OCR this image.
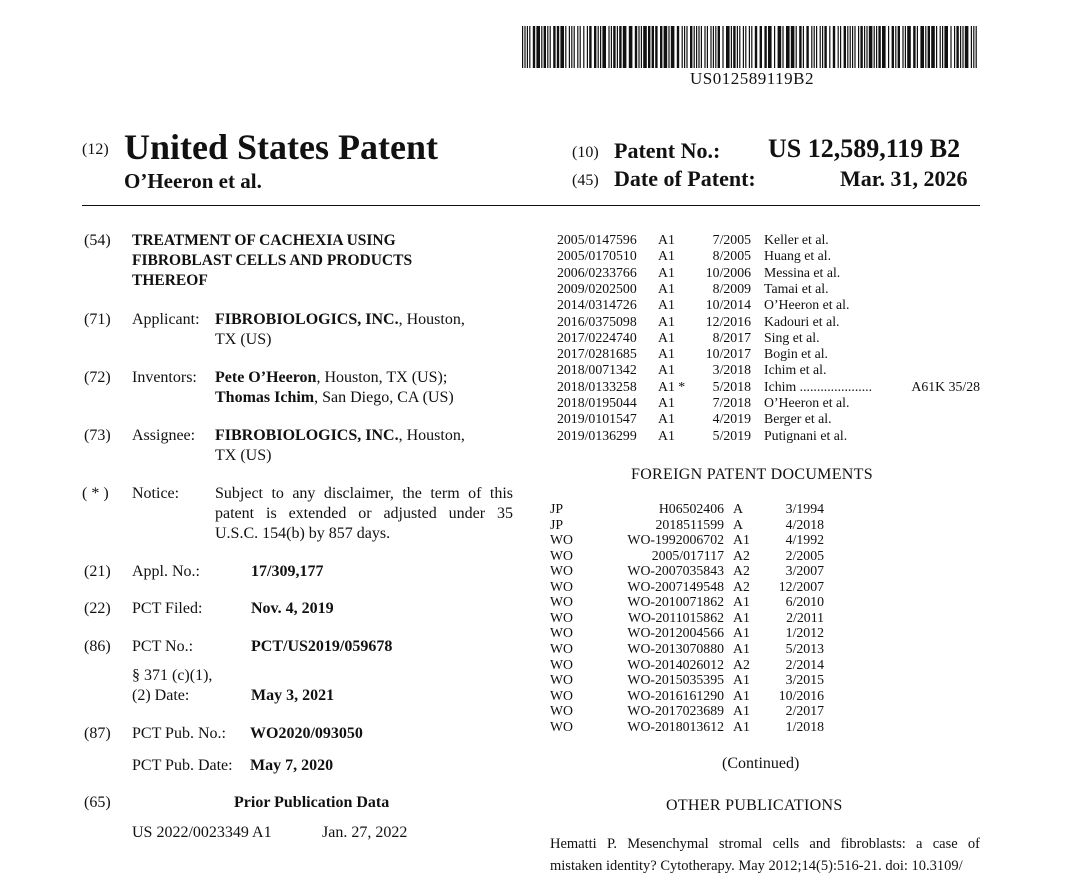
US012589119B2
(12) United States Patent
O’Heeron et al.
(10) Patent No.: US 12,589,119 B2
(45) Date of Patent:	Mar. 31, 2026
(54) TREATMENT OF CACHEXIA USING
FIBROBLAST CELLS AND PRODUCTS
THEREOF
(71) Applicant: FIBROBIOLOGICS, INC., Houston,
TX (US)
(72) Inventors: Pete O’Heeron, Houston, TX (US);
Thomas Ichim, San Diego, CA (US)
(73) Assignee: FIBROBIOLOGICS, INC., Houston,
TX (US)
( * ) Notice: Subject to any disclaimer, the term of this
patent is extended or adjusted under 35
U.S.C. 154(b) by 857 days.
(21) Appl. No.:	17/309,177
(22) PCT Filed:	Nov. 4, 2019
(86) PCT No.:	PCT/US2019/059678
§ 371 (c)(1),
(2) Date:	May 3, 2021
(87) PCT Pub. No.: WO2020/093050
PCT Pub. Date: May 7, 2020
(65)	Prior Publication Data
US 2022/0023349 A1	Jan. 27, 2022
2005/0147596 A1	7/2005 Keller et al.
2005/0170510 A1	8/2005 Huang et al.
2006/0233766 A1 10/2006 Messina et al.
2009/0202500 A1	8/2009 Tamai et al.
2014/0314726 A1 10/2014 O’Heeron et al.
2016/0375098 A1 12/2016 Kadouri et al.
2017/0224740 A1	8/2017 Sing et al.
2017/0281685 A1 10/2017 Bogin et al.
2018/0071342 A1	3/2018 Ichim et al.
2018/0133258 A1 * 5/2018 Ichim .....................	A61K 35/28
2018/0195044 A1	7/2018 O’Heeron et al.
2019/0101547 A1	4/2019 Berger et al.
2019/0136299 A1	5/2019 Putignani et al.
FOREIGN PATENT DOCUMENTS
JP	H06502406 A	3/1994
JP	2018511599 A	4/2018
WO	WO-1992006702 A1	4/1992
WO	2005/017117 A2	2/2005
WO	WO-2007035843 A2	3/2007
WO	WO-2007149548 A2 12/2007
WO	WO-2010071862 A1	6/2010
WO	WO-2011015862 A1	2/2011
WO	WO-2012004566 A1	1/2012
WO	WO-2013070880 A1	5/2013
WO	WO-2014026012 A2	2/2014
WO	WO-2015035395 A1	3/2015
WO	WO-2016161290 A1 10/2016
WO	WO-2017023689 A1	2/2017
WO	WO-2018013612 A1	1/2018
(Continued)
OTHER PUBLICATIONS
Hematti P. Mesenchymal stromal cells and fibroblasts: a case of
mistaken identity? Cytotherapy. May 2012;14(5):516-21. doi: 10.3109/
